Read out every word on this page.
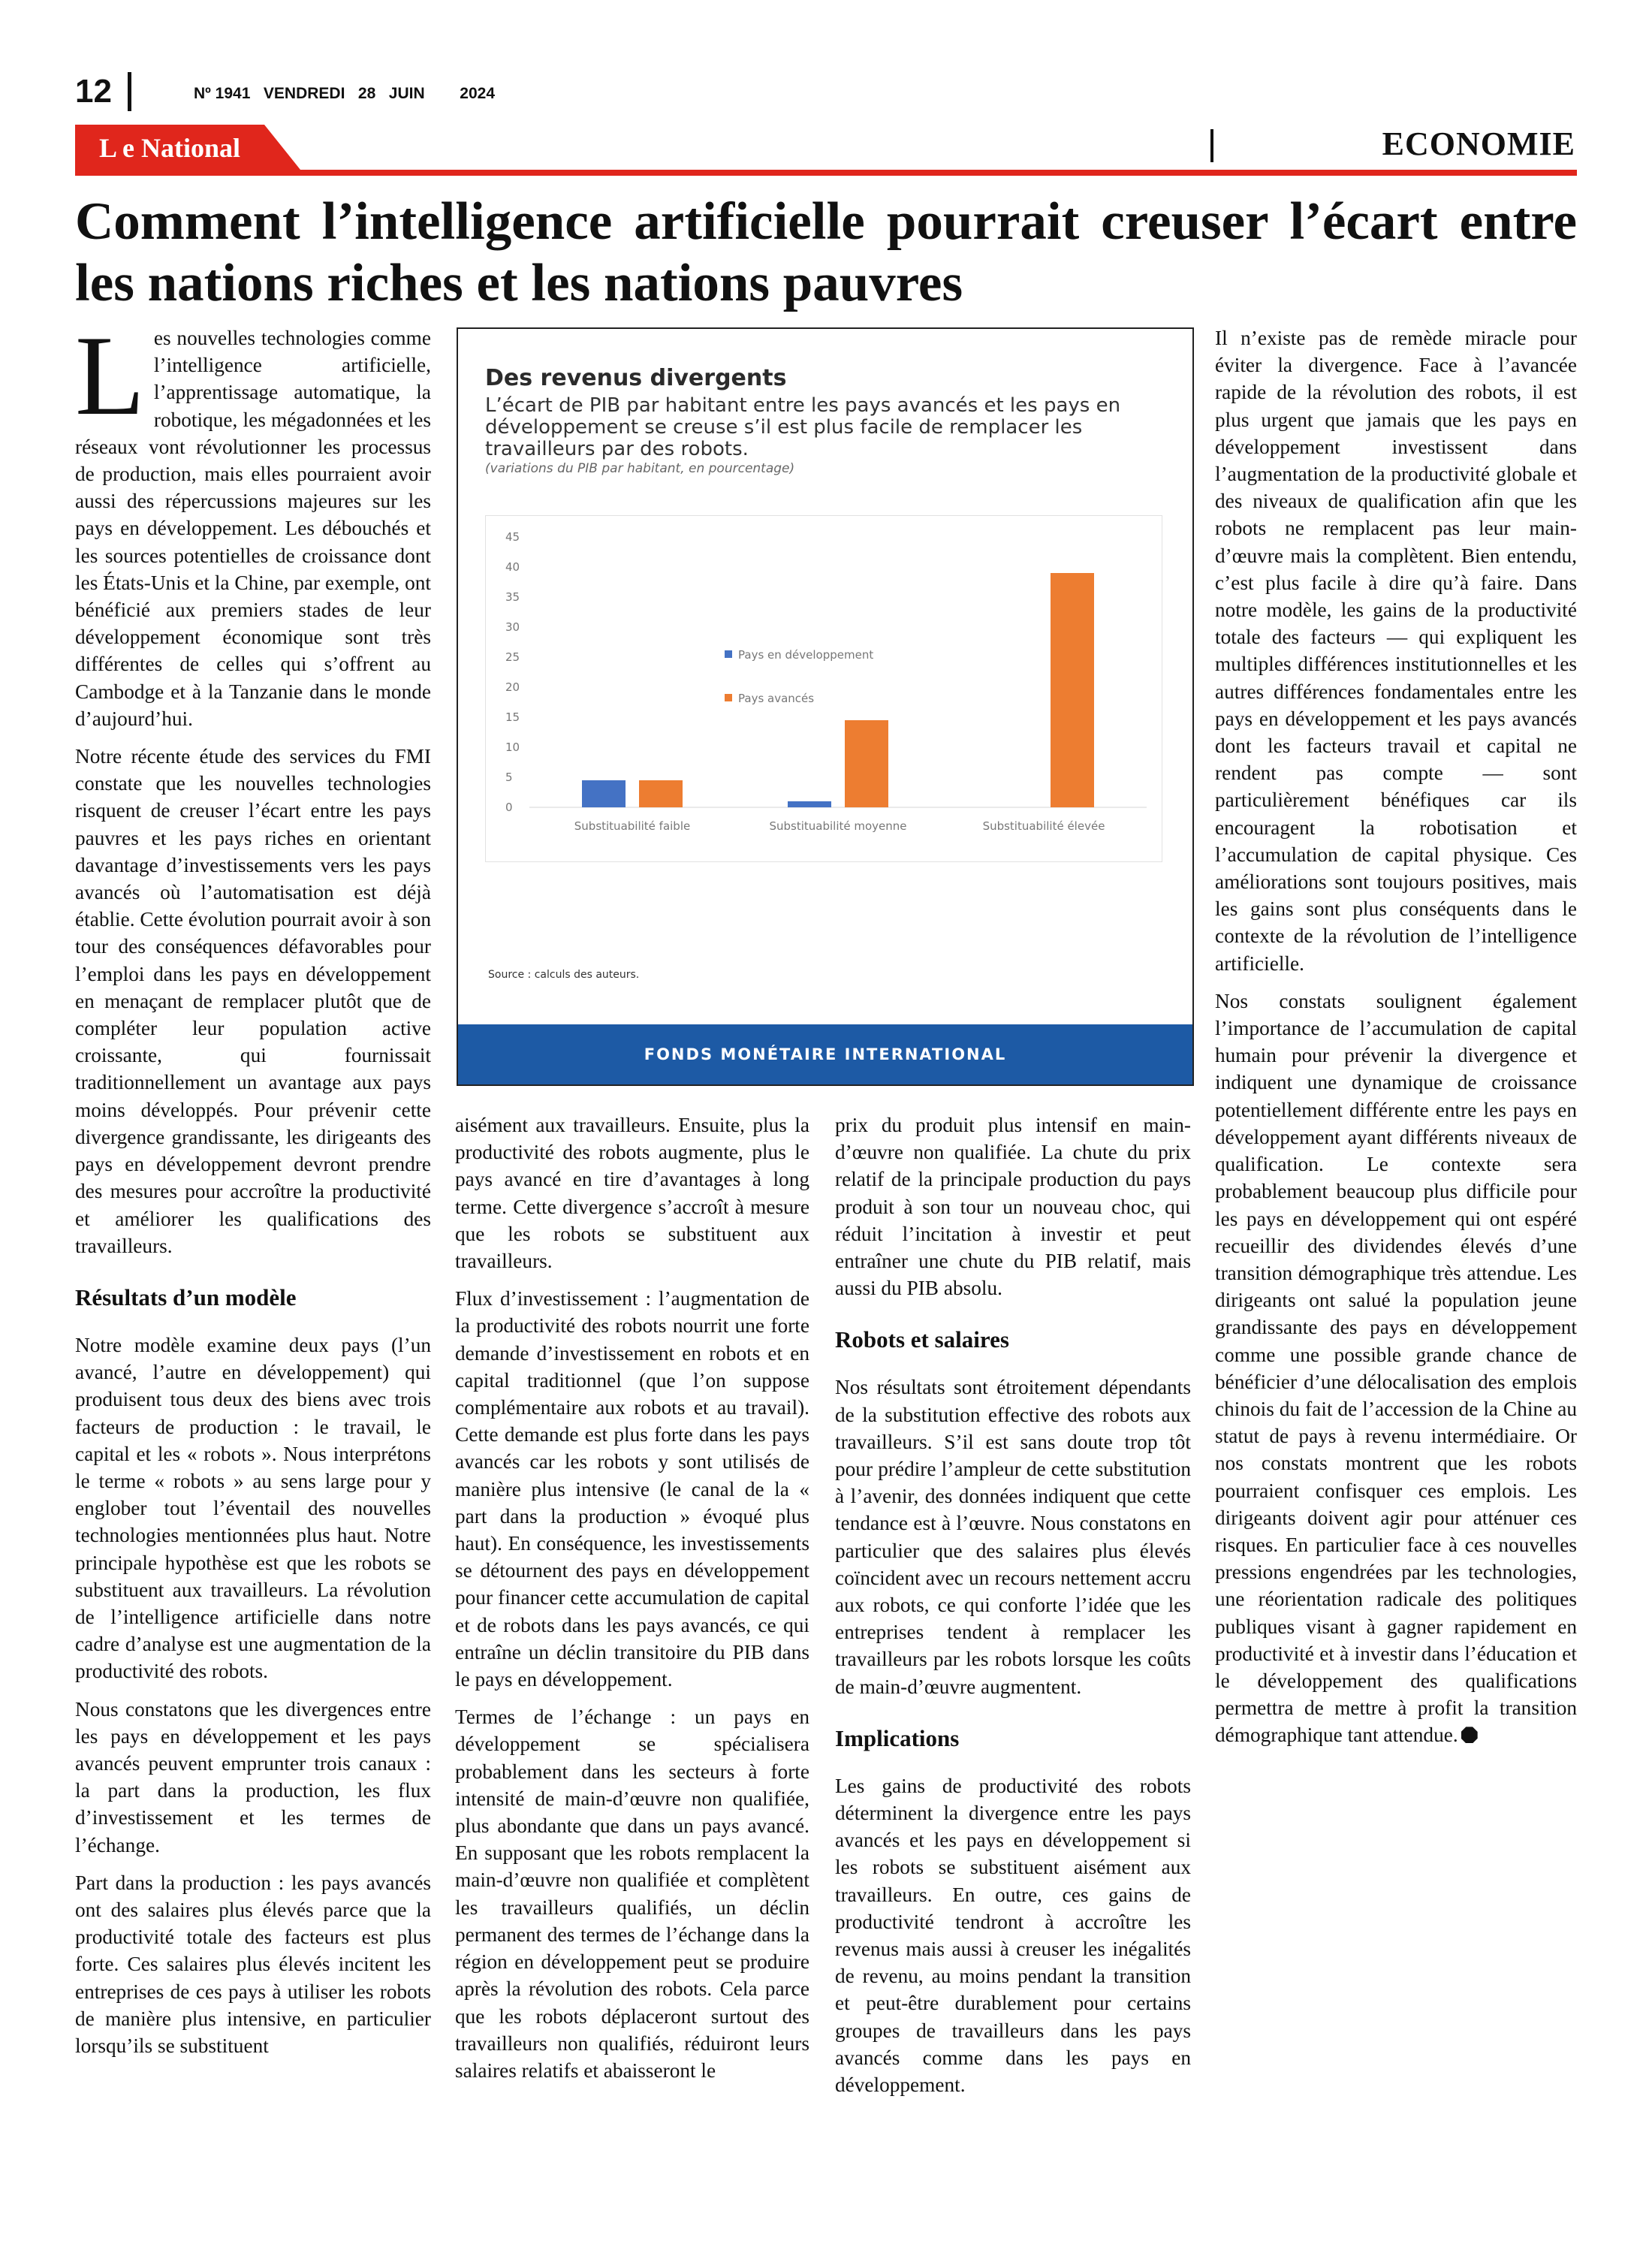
12	Nº 1941   VENDREDI   28   JUIN        2024
L e National	ECONOMIE
Comment l’intelligence artificielle pourrait creuser l’écart entre les nations riches et les nations pauvres

Les nouvelles technologies comme l’intelligence artificielle, l’apprentissage automatique, la robotique, les mégadonnées et les réseaux vont révolutionner les processus de production, mais elles pourraient avoir aussi des répercussions majeures sur les pays en développement. Les débouchés et les sources potentielles de croissance dont les États-Unis et la Chine, par exemple, ont bénéficié aux premiers stades de leur développement économique sont très différentes de celles qui s’offrent au Cambodge et à la Tanzanie dans le monde d’aujourd’hui.

Notre récente étude des services du FMI constate que les nouvelles technologies risquent de creuser l’écart entre les pays pauvres et les pays riches en orientant davantage d’investissements vers les pays avancés où l’automatisation est déjà établie. Cette évolution pourrait avoir à son tour des conséquences défavorables pour l’emploi dans les pays en développement en menaçant de remplacer plutôt que de compléter leur population active croissante, qui fournissait traditionnellement un avantage aux pays moins développés. Pour prévenir cette divergence grandissante, les dirigeants des pays en développement devront prendre des mesures pour accroître la productivité et améliorer les qualifications des travailleurs.

Résultats d’un modèle

Notre modèle examine deux pays (l’un avancé, l’autre en développement) qui produisent tous deux des biens avec trois facteurs de production : le travail, le capital et les « robots ». Nous interprétons le terme « robots » au sens large pour y englober tout l’éventail des nouvelles technologies mentionnées plus haut. Notre principale hypothèse est que les robots se substituent aux travailleurs. La révolution de l’intelligence artificielle dans notre cadre d’analyse est une augmentation de la productivité des robots.

Nous constatons que les divergences entre les pays en développement et les pays avancés peuvent emprunter trois canaux : la part dans la production, les flux d’investissement et les termes de l’échange.

Part dans la production : les pays avancés ont des salaires plus élevés parce que la productivité totale des facteurs est plus forte. Ces salaires plus élevés incitent les entreprises de ces pays à utiliser les robots de manière plus intensive, en particulier lorsqu’ils se substituent

Des revenus divergents
L’écart de PIB par habitant entre les pays avancés et les pays en développement se creuse s’il est plus facile de remplacer les travailleurs par des robots.
(variations du PIB par habitant, en pourcentage)
0
5
10
15
20
25
30
35
40
45
Substituabilité faible	Substituabilité moyenne	Substituabilité élevée
Pays en développement
Pays avancés
Source : calculs des auteurs.
FONDS MONÉTAIRE INTERNATIONAL

aisément aux travailleurs. Ensuite, plus la productivité des robots augmente, plus le pays avancé en tire d’avantages à long terme. Cette divergence s’accroît à mesure que les robots se substituent aux travailleurs.

Flux d’investissement : l’augmentation de la productivité des robots nourrit une forte demande d’investissement en robots et en capital traditionnel (que l’on suppose complémentaire aux robots et au travail). Cette demande est plus forte dans les pays avancés car les robots y sont utilisés de manière plus intensive (le canal de la « part dans la production » évoqué plus haut). En conséquence, les investissements se détournent des pays en développement pour financer cette accumulation de capital et de robots dans les pays avancés, ce qui entraîne un déclin transitoire du PIB dans le pays en développement.

Termes de l’échange : un pays en développement se spécialisera probablement dans les secteurs à forte intensité de main-d’œuvre non qualifiée, plus abondante que dans un pays avancé. En supposant que les robots remplacent la main-d’œuvre non qualifiée et complètent les travailleurs qualifiés, un déclin permanent des termes de l’échange dans la région en développement peut se produire après la révolution des robots. Cela parce que les robots déplaceront surtout des travailleurs non qualifiés, réduiront leurs salaires relatifs et abaisseront le

prix du produit plus intensif en main-d’œuvre non qualifiée. La chute du prix relatif de la principale production du pays produit à son tour un nouveau choc, qui réduit l’incitation à investir et peut entraîner une chute du PIB relatif, mais aussi du PIB absolu.

Robots et salaires

Nos résultats sont étroitement dépendants de la substitution effective des robots aux travailleurs. S’il est sans doute trop tôt pour prédire l’ampleur de cette substitution à l’avenir, des données indiquent que cette tendance est à l’œuvre. Nous constatons en particulier que des salaires plus élevés coïncident avec un recours nettement accru aux robots, ce qui conforte l’idée que les entreprises tendent à remplacer les travailleurs par les robots lorsque les coûts de main-d’œuvre augmentent.

Implications

Les gains de productivité des robots déterminent la divergence entre les pays avancés et les pays en développement si les robots se substituent aisément aux travailleurs. En outre, ces gains de productivité tendront à accroître les revenus mais aussi à creuser les inégalités de revenu, au moins pendant la transition et peut-être durablement pour certains groupes de travailleurs dans les pays avancés comme dans les pays en développement.

Il n’existe pas de remède miracle pour éviter la divergence. Face à l’avancée rapide de la révolution des robots, il est plus urgent que jamais que les pays en développement investissent dans l’augmentation de la productivité globale et des niveaux de qualification afin que les robots ne remplacent pas leur main-d’œuvre mais la complètent. Bien entendu, c’est plus facile à dire qu’à faire. Dans notre modèle, les gains de la productivité totale des facteurs — qui expliquent les multiples différences institutionnelles et les autres différences fondamentales entre les pays en développement et les pays avancés dont les facteurs travail et capital ne rendent pas compte — sont particulièrement bénéfiques car ils encouragent la robotisation et l’accumulation de capital physique. Ces améliorations sont toujours positives, mais les gains sont plus conséquents dans le contexte de la révolution de l’intelligence artificielle.

Nos constats soulignent également l’importance de l’accumulation de capital humain pour prévenir la divergence et indiquent une dynamique de croissance potentiellement différente entre les pays en développement ayant différents niveaux de qualification. Le contexte sera probablement beaucoup plus difficile pour les pays en développement qui ont espéré recueillir des dividendes élevés d’une transition démographique très attendue. Les dirigeants ont salué la population jeune grandissante des pays en développement comme une possible grande chance de bénéficier d’une délocalisation des emplois chinois du fait de l’accession de la Chine au statut de pays à revenu intermédiaire. Or nos constats montrent que les robots pourraient confisquer ces emplois. Les dirigeants doivent agir pour atténuer ces risques. En particulier face à ces nouvelles pressions engendrées par les technologies, une réorientation radicale des politiques publiques visant à gagner rapidement en productivité et à investir dans l’éducation et le développement des qualifications permettra de mettre à profit la transition démographique tant attendue.
